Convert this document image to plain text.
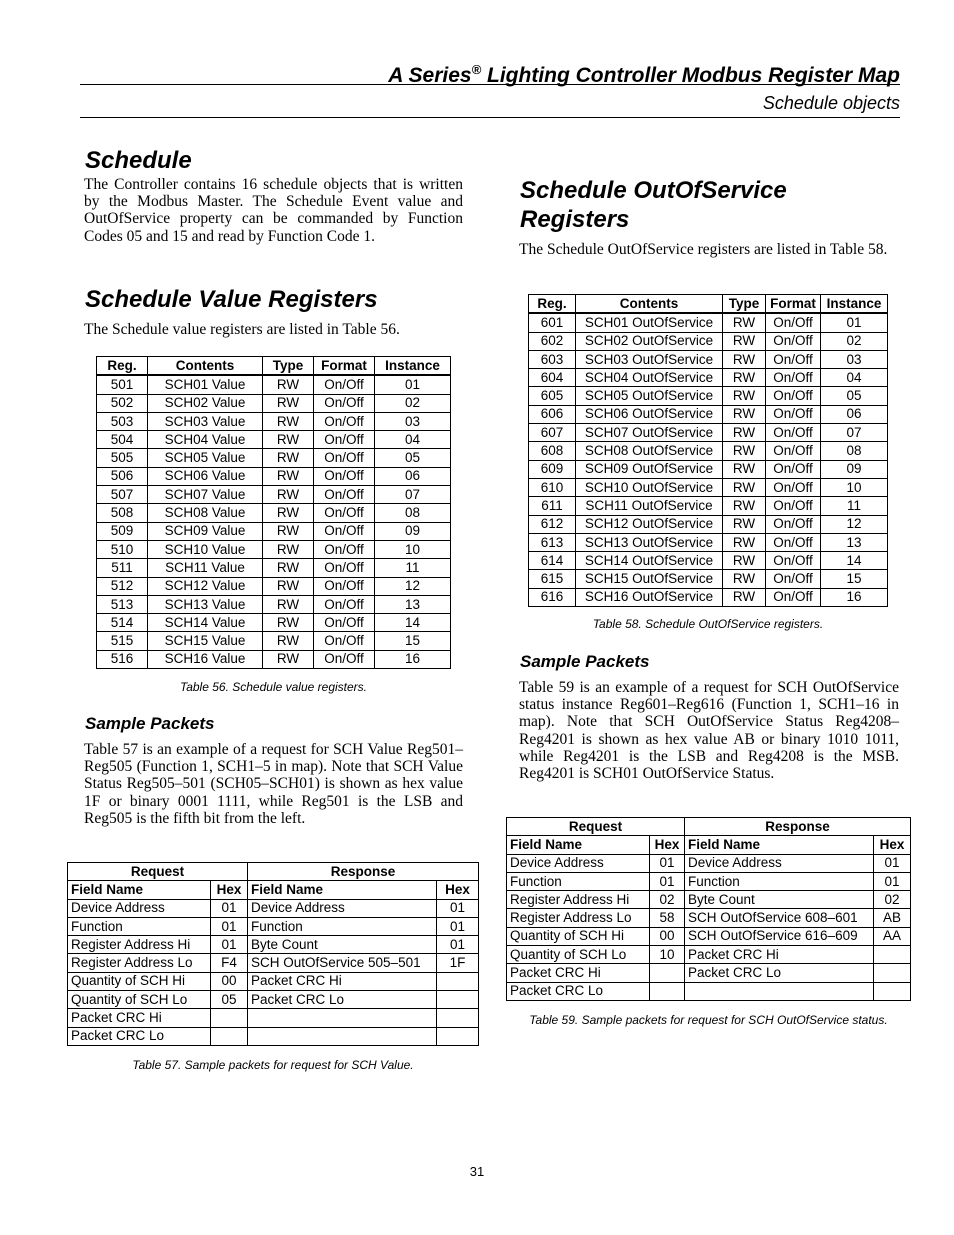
A Series® Lighting Controller Modbus Register Map
Schedule objects
Schedule

The Controller contains 16 schedule objects that is written by the Modbus Master. The Schedule Event value and OutOfService property can be commanded by Function Codes 05 and 15 and read by Function Code 1.

Schedule Value Registers

The Schedule value registers are listed in Table 56.

Reg.	Contents	Type	Format	Instance
501	SCH01 Value	RW	On/Off	01
502	SCH02 Value	RW	On/Off	02
503	SCH03 Value	RW	On/Off	03
504	SCH04 Value	RW	On/Off	04
505	SCH05 Value	RW	On/Off	05
506	SCH06 Value	RW	On/Off	06
507	SCH07 Value	RW	On/Off	07
508	SCH08 Value	RW	On/Off	08
509	SCH09 Value	RW	On/Off	09
510	SCH10 Value	RW	On/Off	10
511	SCH11 Value	RW	On/Off	11
512	SCH12 Value	RW	On/Off	12
513	SCH13 Value	RW	On/Off	13
514	SCH14 Value	RW	On/Off	14
515	SCH15 Value	RW	On/Off	15
516	SCH16 Value	RW	On/Off	16
Table 56. Schedule value registers.
Sample Packets

Table 57 is an example of a request for SCH Value Reg501–Reg505 (Function 1, SCH1–5 in map). Note that SCH Value Status Reg505–501 (SCH05–SCH01) is shown as hex value 1F or binary 0001 1111, while Reg501 is the LSB and Reg505 is the fifth bit from the left.

Request		Response	
Field Name	Hex	Field Name	Hex
Device Address	01	Device Address	01
Function	01	Function	01
Register Address Hi	01	Byte Count	01
Register Address Lo	F4	SCH OutOfService 505–501	1F
Quantity of SCH Hi	00	Packet CRC Hi	
Quantity of SCH Lo	05	Packet CRC Lo	
Packet CRC Hi			
Packet CRC Lo			
Table 57. Sample packets for request for SCH Value.
Schedule OutOfService
Registers

The Schedule OutOfService registers are listed in Table 58.

Reg.	Contents	Type	Format	Instance
601	SCH01 OutOfService	RW	On/Off	01
602	SCH02 OutOfService	RW	On/Off	02
603	SCH03 OutOfService	RW	On/Off	03
604	SCH04 OutOfService	RW	On/Off	04
605	SCH05 OutOfService	RW	On/Off	05
606	SCH06 OutOfService	RW	On/Off	06
607	SCH07 OutOfService	RW	On/Off	07
608	SCH08 OutOfService	RW	On/Off	08
609	SCH09 OutOfService	RW	On/Off	09
610	SCH10 OutOfService	RW	On/Off	10
611	SCH11 OutOfService	RW	On/Off	11
612	SCH12 OutOfService	RW	On/Off	12
613	SCH13 OutOfService	RW	On/Off	13
614	SCH14 OutOfService	RW	On/Off	14
615	SCH15 OutOfService	RW	On/Off	15
616	SCH16 OutOfService	RW	On/Off	16
Table 58. Schedule OutOfService registers.
Sample Packets

Table 59 is an example of a request for SCH OutOfService status instance Reg601–Reg616 (Function 1, SCH1–16 in map). Note that SCH OutOfService Status Reg4208– Reg4201 is shown as hex value AB or binary 1010 1011, while Reg4201 is the LSB and Reg4208 is the MSB. Reg4201 is SCH01 OutOfService Status.

Request		Response	
Field Name	Hex	Field Name	Hex
Device Address	01	Device Address	01
Function	01	Function	01
Register Address Hi	02	Byte Count	02
Register Address Lo	58	SCH OutOfService 608–601	AB
Quantity of SCH Hi	00	SCH OutOfService 616–609	AA
Quantity of SCH Lo	10	Packet CRC Hi	
Packet CRC Hi		Packet CRC Lo	
Packet CRC Lo			
Table 59. Sample packets for request for SCH OutOfService status.
31
